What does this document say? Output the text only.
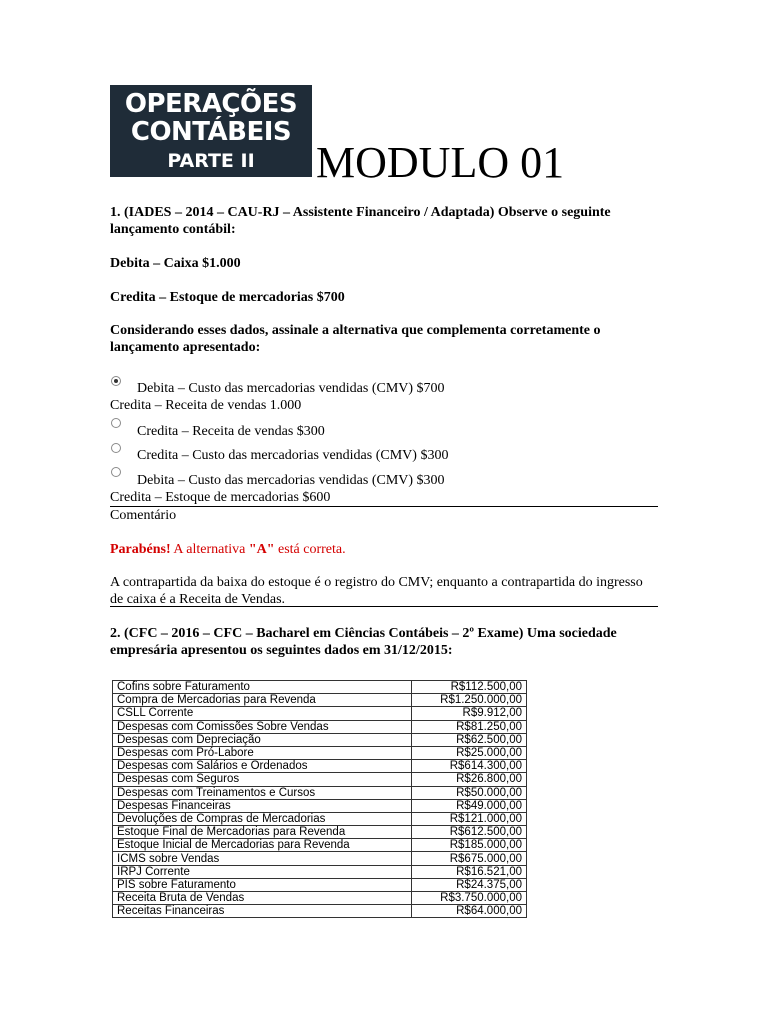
OPERAÇÕES
CONTÁBEIS
PARTE II	MODULO 01
1. (IADES – 2014 – CAU-RJ – Assistente Financeiro / Adaptada) Observe o seguinte lançamento contábil:
Debita – Caixa $1.000
Credita – Estoque de mercadorias $700
Considerando esses dados, assinale a alternativa que complementa corretamente o lançamento apresentado:
Debita – Custo das mercadorias vendidas (CMV) $700
Credita – Receita de vendas 1.000
Credita – Receita de vendas $300
Credita – Custo das mercadorias vendidas (CMV) $300
Debita – Custo das mercadorias vendidas (CMV) $300
Credita – Estoque de mercadorias $600
Comentário
Parabéns! A alternativa "A" está correta.
A contrapartida da baixa do estoque é o registro do CMV; enquanto a contrapartida do ingresso de caixa é a Receita de Vendas.
2. (CFC – 2016 – CFC – Bacharel em Ciências Contábeis – 2º Exame) Uma sociedade empresária apresentou os seguintes dados em 31/12/2015:
Cofins sobre Faturamento	R$112.500,00
Compra de Mercadorias para Revenda	R$1.250.000,00
CSLL Corrente	R$9.912,00
Despesas com Comissões Sobre Vendas	R$81.250,00
Despesas com Depreciação	R$62.500,00
Despesas com Pró-Labore	R$25.000,00
Despesas com Salários e Ordenados	R$614.300,00
Despesas com Seguros	R$26.800,00
Despesas com Treinamentos e Cursos	R$50.000,00
Despesas Financeiras	R$49.000,00
Devoluções de Compras de Mercadorias	R$121.000,00
Estoque Final de Mercadorias para Revenda	R$612.500,00
Estoque Inicial de Mercadorias para Revenda	R$185.000,00
ICMS sobre Vendas	R$675.000,00
IRPJ Corrente	R$16.521,00
PIS sobre Faturamento	R$24.375,00
Receita Bruta de Vendas	R$3.750.000,00
Receitas Financeiras	R$64.000,00
